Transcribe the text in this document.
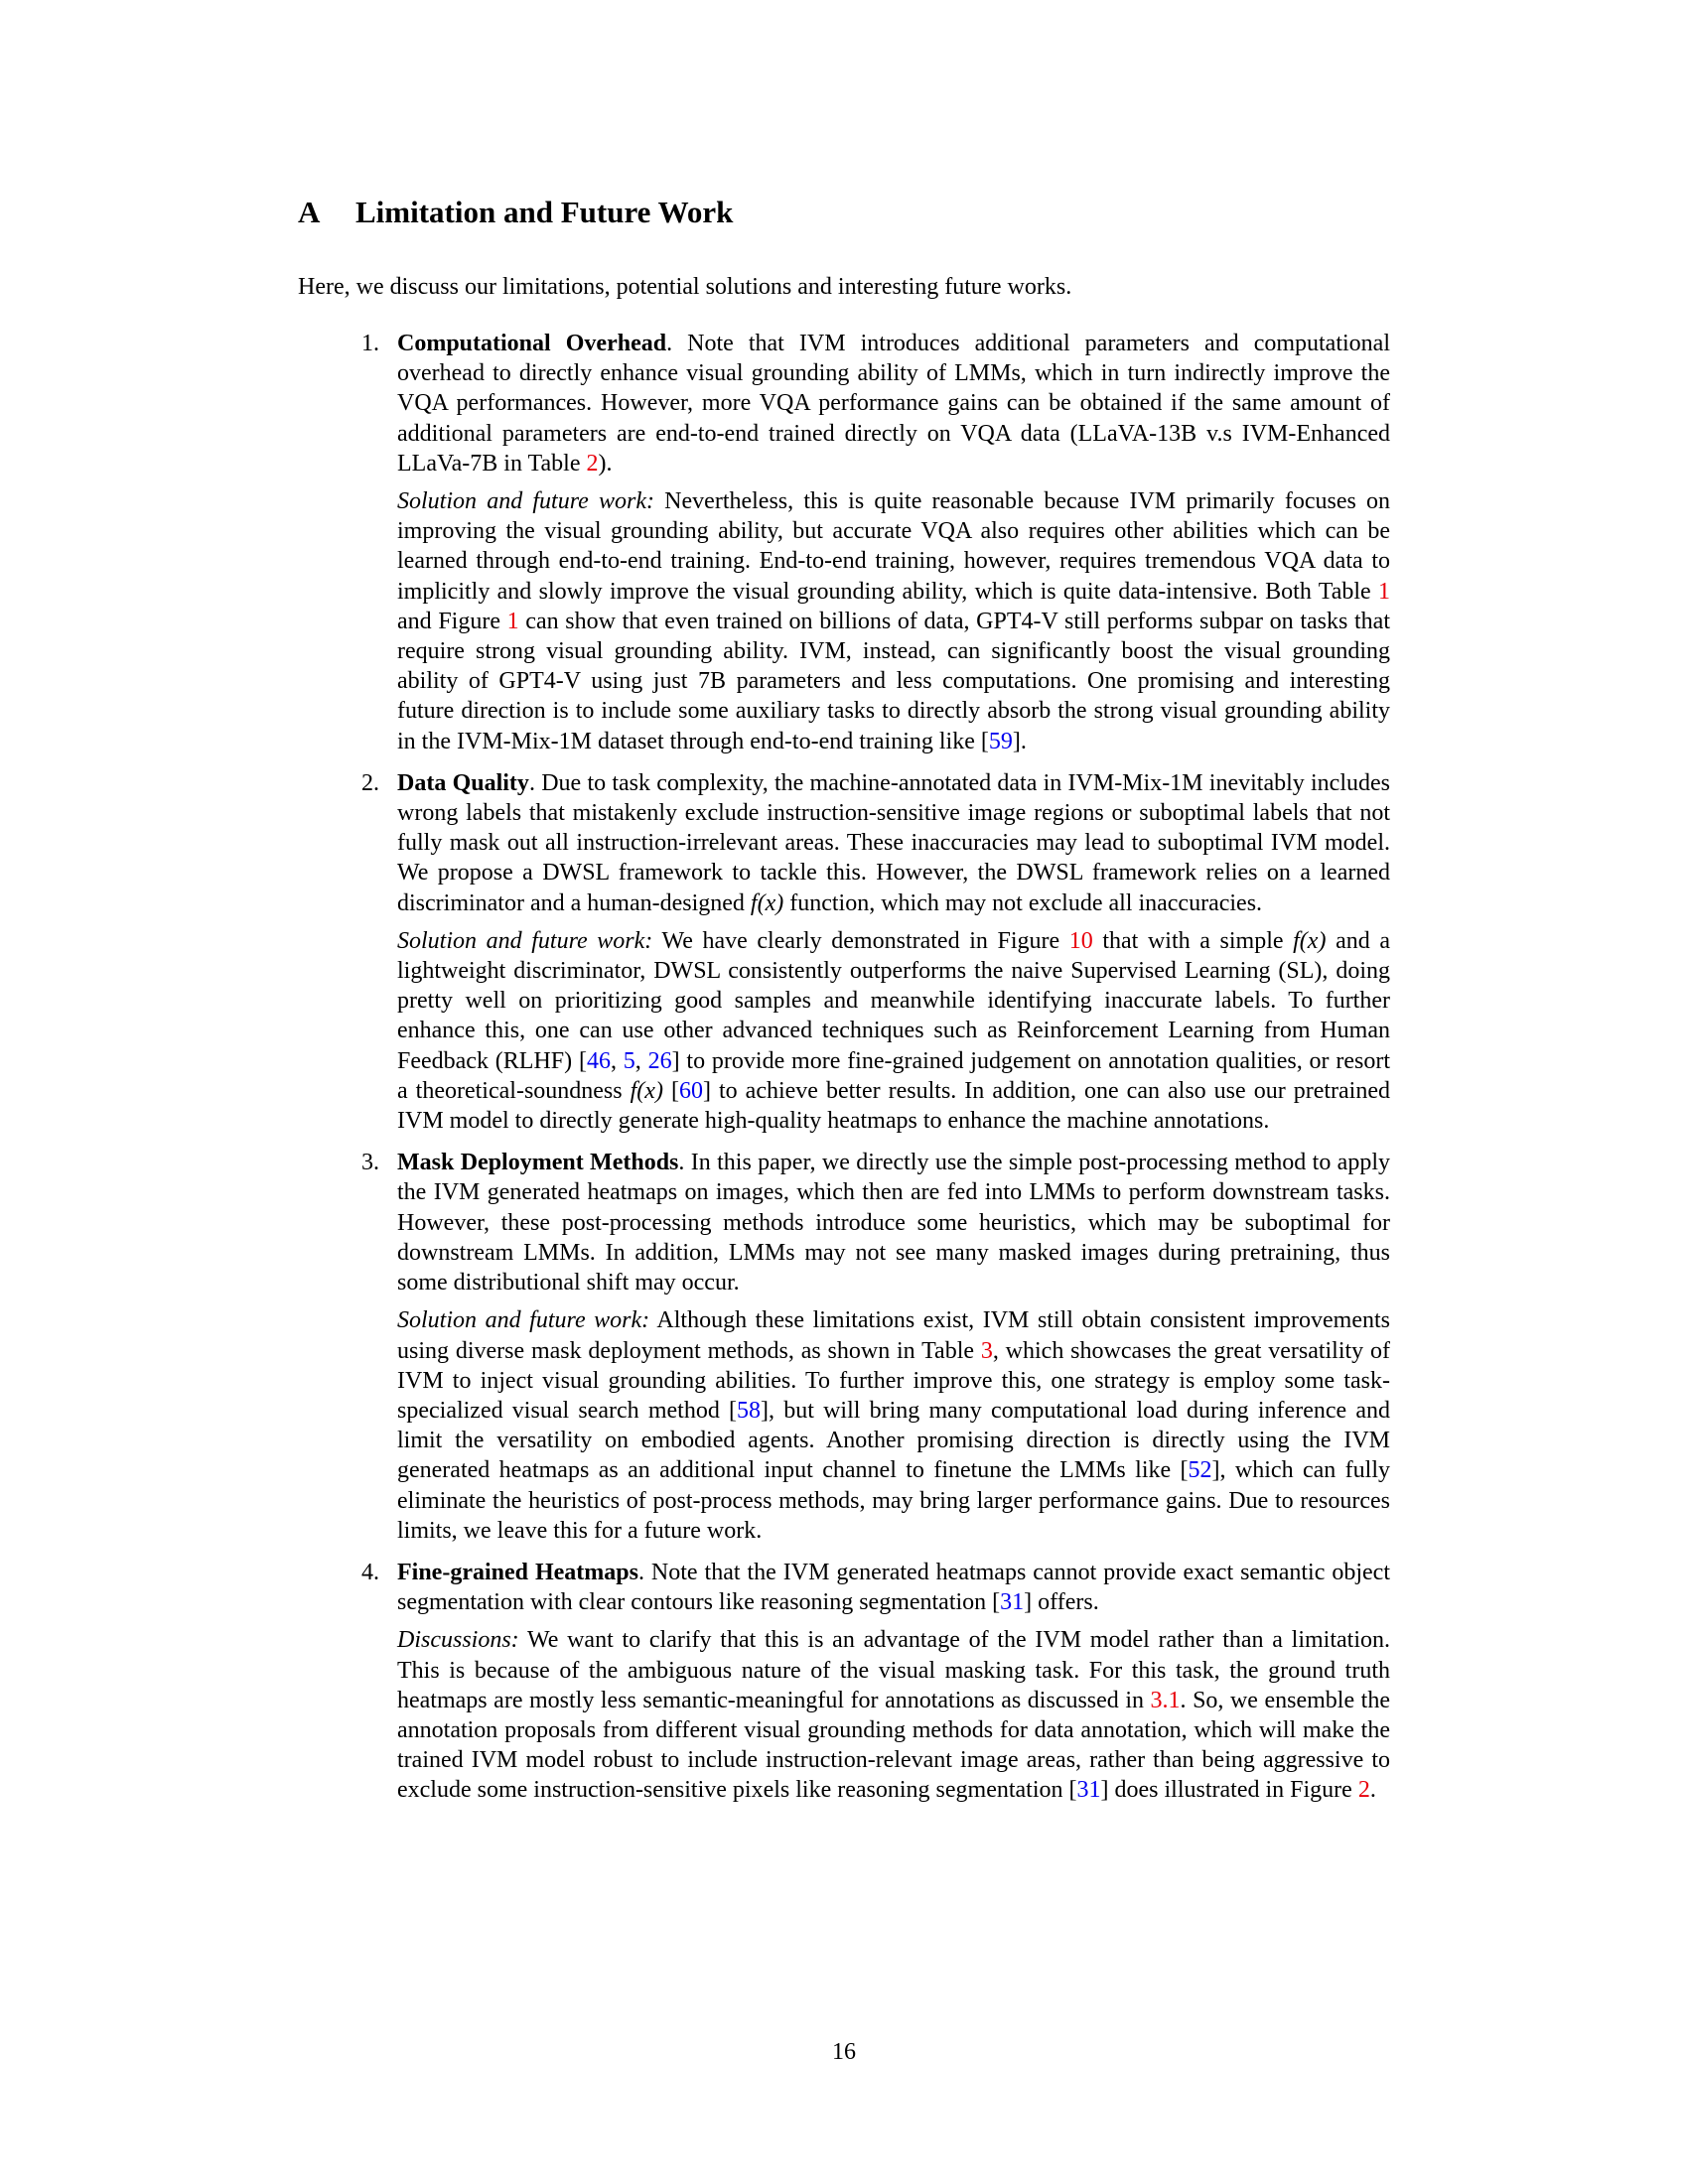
A Limitation and Future Work

Here, we discuss our limitations, potential solutions and interesting future works.

1. Computational Overhead. Note that IVM introduces additional parameters and computational overhead to directly enhance visual grounding ability of LMMs, which in turn indirectly improve the VQA performances. However, more VQA performance gains can be obtained if the same amount of additional parameters are end-to-end trained directly on VQA data (LLaVA-13B v.s IVM-Enhanced LLaVa-7B in Table 2).

Solution and future work: Nevertheless, this is quite reasonable because IVM primarily focuses on improving the visual grounding ability, but accurate VQA also requires other abilities which can be learned through end-to-end training. End-to-end training, however, requires tremendous VQA data to implicitly and slowly improve the visual grounding ability, which is quite data-intensive. Both Table 1 and Figure 1 can show that even trained on billions of data, GPT4-V still performs subpar on tasks that require strong visual grounding ability. IVM, instead, can significantly boost the visual grounding ability of GPT4-V using just 7B parameters and less computations. One promising and interesting future direction is to include some auxiliary tasks to directly absorb the strong visual grounding ability in the IVM-Mix-1M dataset through end-to-end training like [59].

2. Data Quality. Due to task complexity, the machine-annotated data in IVM-Mix-1M inevitably includes wrong labels that mistakenly exclude instruction-sensitive image regions or suboptimal labels that not fully mask out all instruction-irrelevant areas. These inaccuracies may lead to suboptimal IVM model. We propose a DWSL framework to tackle this. However, the DWSL framework relies on a learned discriminator and a human-designed f(x) function, which may not exclude all inaccuracies.

Solution and future work: We have clearly demonstrated in Figure 10 that with a simple f(x) and a lightweight discriminator, DWSL consistently outperforms the naive Supervised Learning (SL), doing pretty well on prioritizing good samples and meanwhile identifying inaccurate labels. To further enhance this, one can use other advanced techniques such as Reinforcement Learning from Human Feedback (RLHF) [46, 5, 26] to provide more fine-grained judgement on annotation qualities, or resort a theoretical-soundness f(x) [60] to achieve better results. In addition, one can also use our pretrained IVM model to directly generate high-quality heatmaps to enhance the machine annotations.

3. Mask Deployment Methods. In this paper, we directly use the simple post-processing method to apply the IVM generated heatmaps on images, which then are fed into LMMs to perform downstream tasks. However, these post-processing methods introduce some heuristics, which may be suboptimal for downstream LMMs. In addition, LMMs may not see many masked images during pretraining, thus some distributional shift may occur.

Solution and future work: Although these limitations exist, IVM still obtain consistent improvements using diverse mask deployment methods, as shown in Table 3, which showcases the great versatility of IVM to inject visual grounding abilities. To further improve this, one strategy is employ some task-specialized visual search method [58], but will bring many computational load during inference and limit the versatility on embodied agents. Another promising direction is directly using the IVM generated heatmaps as an additional input channel to finetune the LMMs like [52], which can fully eliminate the heuristics of post-process methods, may bring larger performance gains. Due to resources limits, we leave this for a future work.

4. Fine-grained Heatmaps. Note that the IVM generated heatmaps cannot provide exact semantic object segmentation with clear contours like reasoning segmentation [31] offers.

Discussions: We want to clarify that this is an advantage of the IVM model rather than a limitation. This is because of the ambiguous nature of the visual masking task. For this task, the ground truth heatmaps are mostly less semantic-meaningful for annotations as discussed in 3.1. So, we ensemble the annotation proposals from different visual grounding methods for data annotation, which will make the trained IVM model robust to include instruction-relevant image areas, rather than being aggressive to exclude some instruction-sensitive pixels like reasoning segmentation [31] does illustrated in Figure 2.

16
